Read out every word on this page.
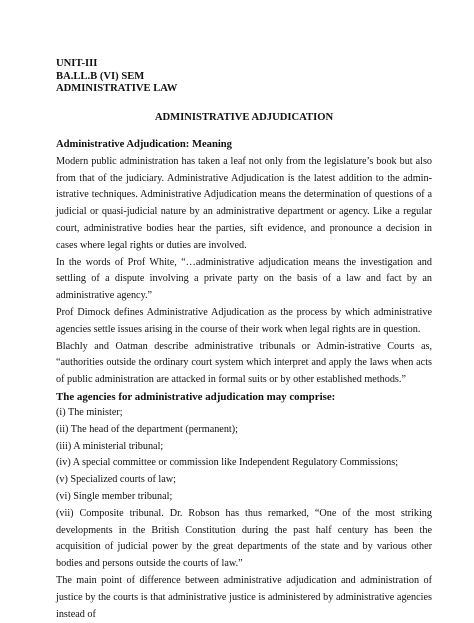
UNIT-III

BA.LL.B (VI) SEM

ADMINISTRATIVE LAW

ADMINISTRATIVE ADJUDICATION

Administrative Adjudication: Meaning

Modern public administration has taken a leaf not only from the legislature’s book but also from that of the judiciary. Administrative Adjudication is the latest addition to the admin-istrative techniques. Administrative Adjudication means the determination of questions of a judicial or quasi-judicial nature by an administrative department or agency. Like a regular court, administrative bodies hear the parties, sift evidence, and pronounce a decision in cases where legal rights or duties are involved.

In the words of Prof White, “…administrative adjudication means the investigation and settling of a dispute involving a private party on the basis of a law and fact by an administrative agency.”

Prof Dimock defines Administrative Adjudication as the process by which administrative agencies settle issues arising in the course of their work when legal rights are in question.

Blachly and Oatman describe administrative tribunals or Admin-istrative Courts as, “authorities outside the ordinary court system which interpret and apply the laws when acts of public administration are attacked in formal suits or by other established methods.”

The agencies for administrative adjudication may comprise:

(i) The minister;
(ii) The head of the department (permanent);
(iii) A ministerial tribunal;
(iv) A special committee or commission like Independent Regulatory Commissions;
(v) Specialized courts of law;
(vi) Single member tribunal;
(vii) Composite tribunal. Dr. Robson has thus remarked, “One of the most striking developments in the British Constitution during the past half century has been the acquisition of judicial power by the great departments of the state and by various other bodies and persons outside the courts of law.”

The main point of difference between administrative adjudication and administration of justice by the courts is that administrative justice is administered by administrative agencies instead of
